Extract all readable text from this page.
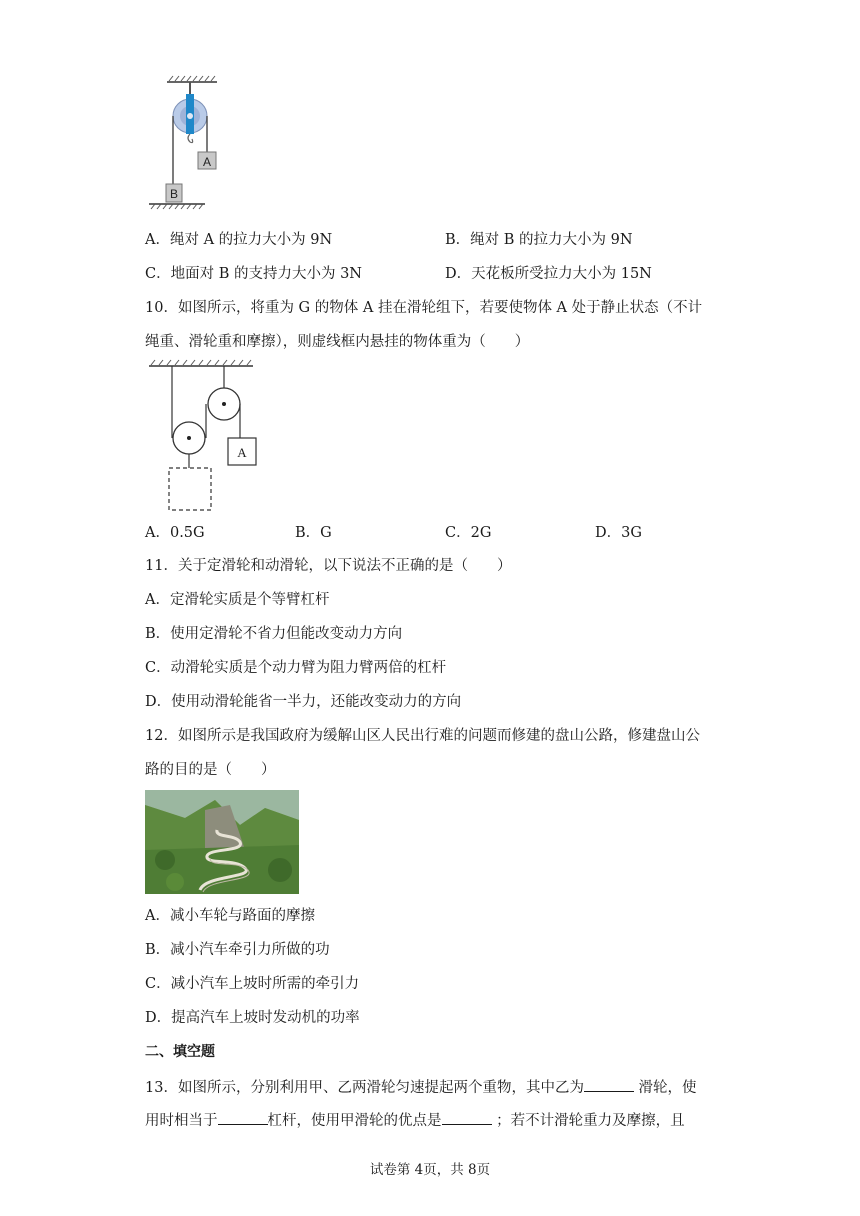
A
B
A．绳对 A 的拉力大小为 9N	B．绳对 B 的拉力大小为 9N
C．地面对 B 的支持力大小为 3N	D．天花板所受拉力大小为 15N
10．如图所示，将重为 G 的物体 A 挂在滑轮组下，若要使物体 A 处于静止状态（不计
绳重、滑轮重和摩擦），则虚线框内悬挂的物体重为（　　）
A
A．0.5G	B．G	C．2G	D．3G
11．关于定滑轮和动滑轮，以下说法不正确的是（　　）
A．定滑轮实质是个等臂杠杆
B．使用定滑轮不省力但能改变动力方向
C．动滑轮实质是个动力臂为阻力臂两倍的杠杆
D．使用动滑轮能省一半力，还能改变动力的方向
12．如图所示是我国政府为缓解山区人民出行难的问题而修建的盘山公路，修建盘山公
路的目的是（　　）
A．减小车轮与路面的摩擦
B．减小汽车牵引力所做的功
C．减小汽车上坡时所需的牵引力
D．提高汽车上坡时发动机的功率
二、填空题
13．如图所示，分别利用甲、乙两滑轮匀速提起两个重物，其中乙为	滑轮，使
用时相当于	杠杆，使用甲滑轮的优点是	；若不计滑轮重力及摩擦，且
试卷第 4页，共 8页
